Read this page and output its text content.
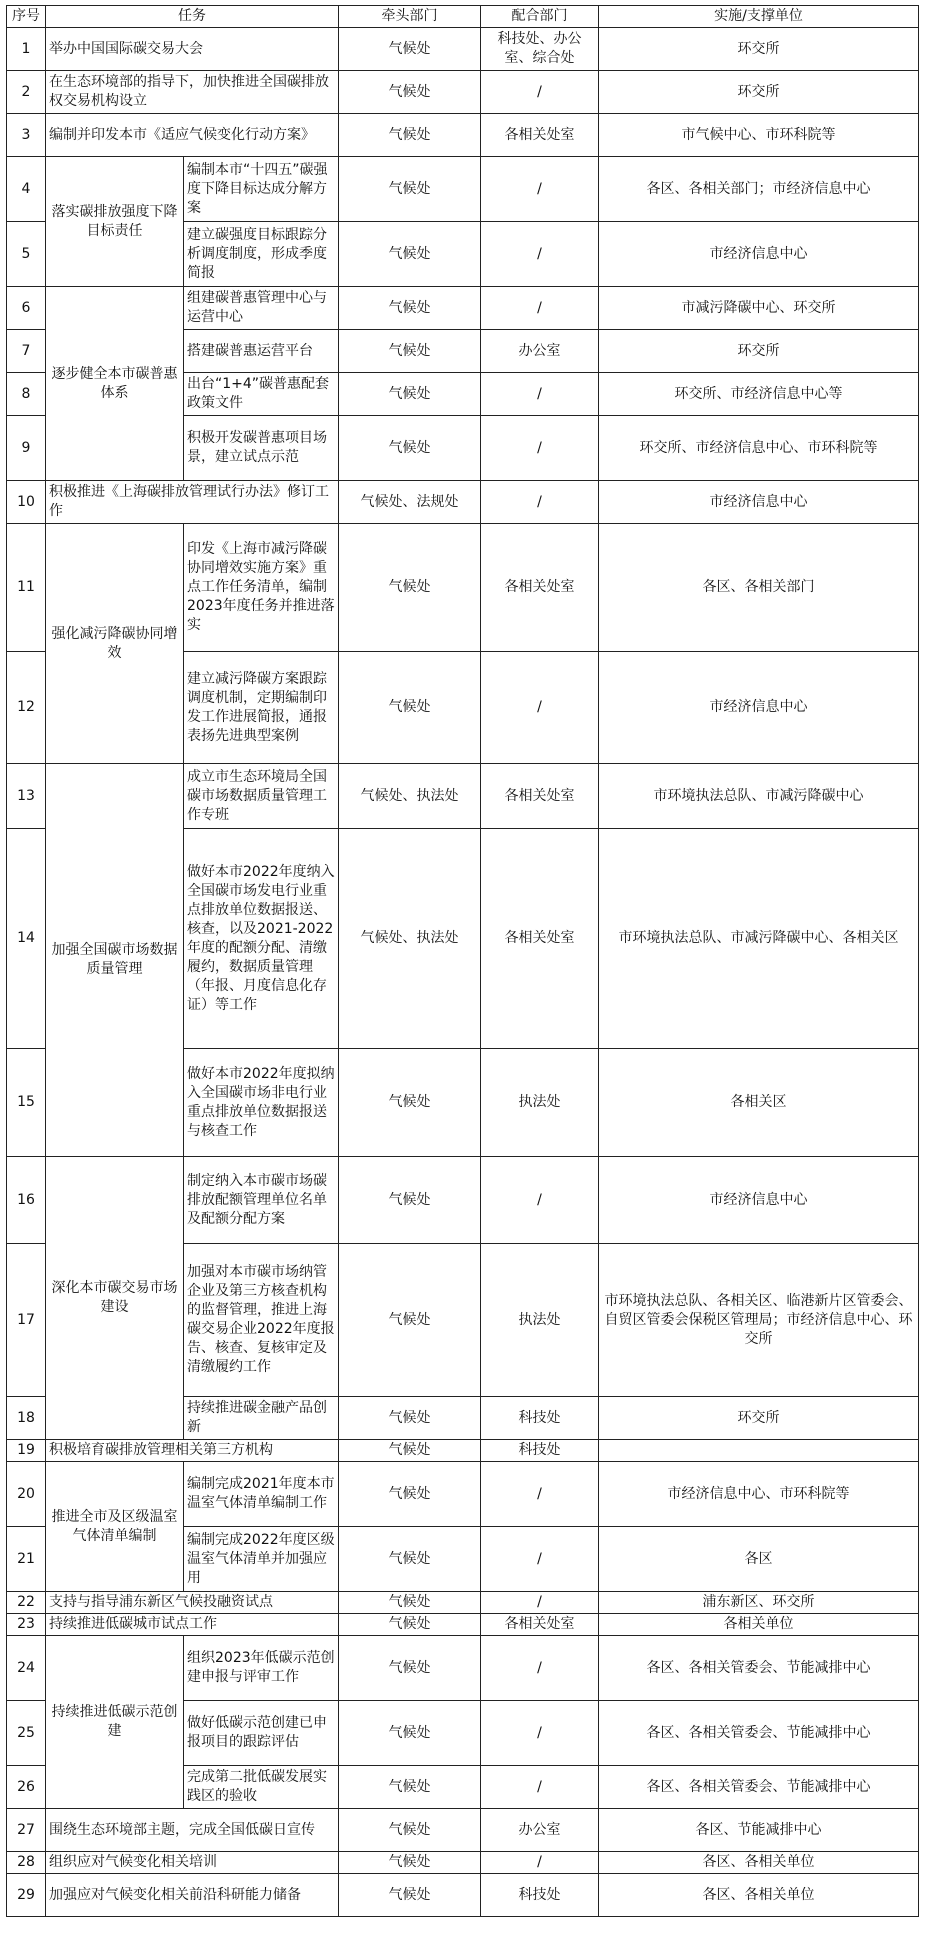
序号	任务		牵头部门	配合部门	实施/支撑单位
1	举办中国国际碳交易大会		气候处	科技处、办公室、综合处	环交所
2	在生态环境部的指导下，加快推进全国碳排放权交易机构设立		气候处	/	环交所
3	编制并印发本市《适应气候变化行动方案》		气候处	各相关处室	市气候中心、市环科院等
4	落实碳排放强度下降目标责任	编制本市“十四五”碳强度下降目标达成分解方案	气候处	/	各区、各相关部门；市经济信息中心
5		建立碳强度目标跟踪分析调度制度，形成季度简报	气候处	/	市经济信息中心
6	逐步健全本市碳普惠体系	组建碳普惠管理中心与运营中心	气候处	/	市减污降碳中心、环交所
7		搭建碳普惠运营平台	气候处	办公室	环交所
8		出台“1+4”碳普惠配套政策文件	气候处	/	环交所、市经济信息中心等
9		积极开发碳普惠项目场景，建立试点示范	气候处	/	环交所、市经济信息中心、市环科院等
10	积极推进《上海碳排放管理试行办法》修订工作		气候处、法规处	/	市经济信息中心
11	强化减污降碳协同增效	印发《上海市减污降碳协同增效实施方案》重点工作任务清单，编制2023年度任务并推进落实	气候处	各相关处室	各区、各相关部门
12		建立减污降碳方案跟踪调度机制，定期编制印发工作进展简报，通报表扬先进典型案例	气候处	/	市经济信息中心
13	加强全国碳市场数据质量管理	成立市生态环境局全国碳市场数据质量管理工作专班	气候处、执法处	各相关处室	市环境执法总队、市减污降碳中心
14		做好本市2022年度纳入全国碳市场发电行业重点排放单位数据报送、核查，以及2021-2022年度的配额分配、清缴履约，数据质量管理（年报、月度信息化存证）等工作	气候处、执法处	各相关处室	市环境执法总队、市减污降碳中心、各相关区
15		做好本市2022年度拟纳入全国碳市场非电行业重点排放单位数据报送与核查工作	气候处	执法处	各相关区
16	深化本市碳交易市场建设	制定纳入本市碳市场碳排放配额管理单位名单及配额分配方案	气候处	/	市经济信息中心
17		加强对本市碳市场纳管企业及第三方核查机构的监督管理，推进上海碳交易企业2022年度报告、核查、复核审定及清缴履约工作	气候处	执法处	市环境执法总队、各相关区、临港新片区管委会、自贸区管委会保税区管理局；市经济信息中心、环交所
18		持续推进碳金融产品创新	气候处	科技处	环交所
19	积极培育碳排放管理相关第三方机构		气候处	科技处	
20	推进全市及区级温室气体清单编制	编制完成2021年度本市温室气体清单编制工作	气候处	/	市经济信息中心、市环科院等
21		编制完成2022年度区级温室气体清单并加强应用	气候处	/	各区
22	支持与指导浦东新区气候投融资试点		气候处	/	浦东新区、环交所
23	持续推进低碳城市试点工作		气候处	各相关处室	各相关单位
24	持续推进低碳示范创建	组织2023年低碳示范创建申报与评审工作	气候处	/	各区、各相关管委会、节能减排中心
25		做好低碳示范创建已申报项目的跟踪评估	气候处	/	各区、各相关管委会、节能减排中心
26		完成第二批低碳发展实践区的验收	气候处	/	各区、各相关管委会、节能减排中心
27	围绕生态环境部主题，完成全国低碳日宣传		气候处	办公室	各区、节能减排中心
28	组织应对气候变化相关培训		气候处	/	各区、各相关单位
29	加强应对气候变化相关前沿科研能力储备		气候处	科技处	各区、各相关单位
